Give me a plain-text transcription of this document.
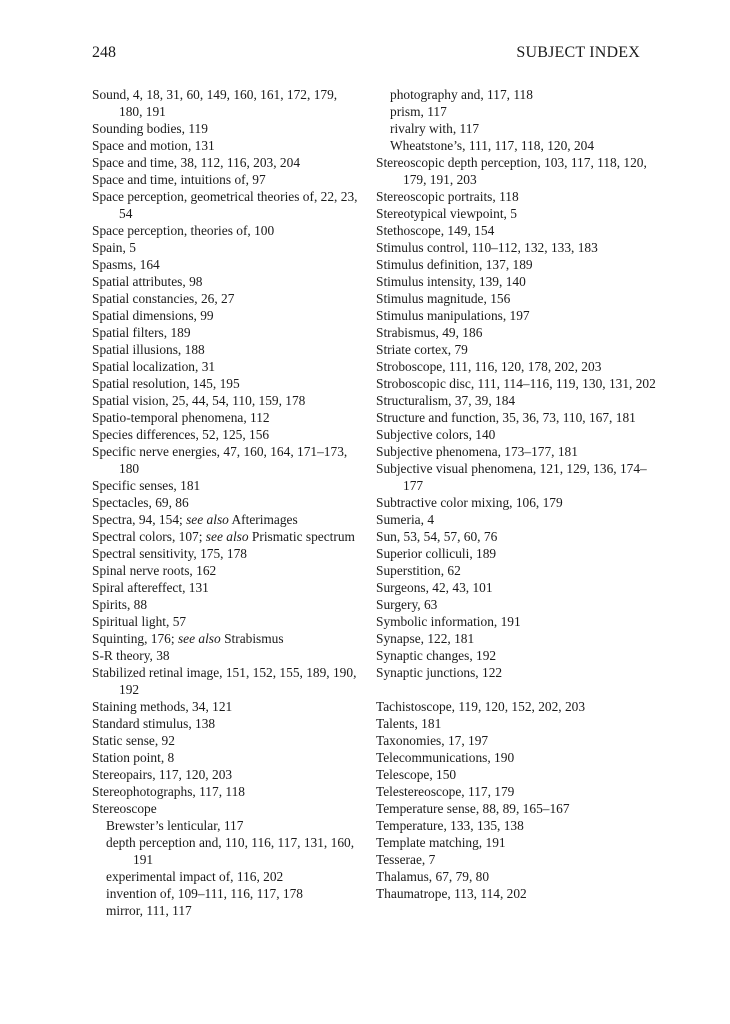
248	SUBJECT INDEX

Sound, 4, 18, 31, 60, 149, 160, 161, 172, 179, 180, 191

Sounding bodies, 119

Space and motion, 131

Space and time, 38, 112, 116, 203, 204

Space and time, intuitions of, 97

Space perception, geometrical theories of, 22, 23, 54

Space perception, theories of, 100

Spain, 5

Spasms, 164

Spatial attributes, 98

Spatial constancies, 26, 27

Spatial dimensions, 99

Spatial filters, 189

Spatial illusions, 188

Spatial localization, 31

Spatial resolution, 145, 195

Spatial vision, 25, 44, 54, 110, 159, 178

Spatio-temporal phenomena, 112

Species differences, 52, 125, 156

Specific nerve energies, 47, 160, 164, 171–173, 180

Specific senses, 181

Spectacles, 69, 86

Spectra, 94, 154; see also Afterimages

Spectral colors, 107; see also Prismatic spectrum

Spectral sensitivity, 175, 178

Spinal nerve roots, 162

Spiral aftereffect, 131

Spirits, 88

Spiritual light, 57

Squinting, 176; see also Strabismus

S-R theory, 38

Stabilized retinal image, 151, 152, 155, 189, 190, 192

Staining methods, 34, 121

Standard stimulus, 138

Static sense, 92

Station point, 8

Stereopairs, 117, 120, 203

Stereophotographs, 117, 118

Stereoscope

Brewster’s lenticular, 117

depth perception and, 110, 116, 117, 131, 160, 191

experimental impact of, 116, 202

invention of, 109–111, 116, 117, 178

mirror, 111, 117

photography and, 117, 118

prism, 117

rivalry with, 117

Wheatstone’s, 111, 117, 118, 120, 204

Stereoscopic depth perception, 103, 117, 118, 120, 179, 191, 203

Stereoscopic portraits, 118

Stereotypical viewpoint, 5

Stethoscope, 149, 154

Stimulus control, 110–112, 132, 133, 183

Stimulus definition, 137, 189

Stimulus intensity, 139, 140

Stimulus magnitude, 156

Stimulus manipulations, 197

Strabismus, 49, 186

Striate cortex, 79

Stroboscope, 111, 116, 120, 178, 202, 203

Stroboscopic disc, 111, 114–116, 119, 130, 131, 202

Structuralism, 37, 39, 184

Structure and function, 35, 36, 73, 110, 167, 181

Subjective colors, 140

Subjective phenomena, 173–177, 181

Subjective visual phenomena, 121, 129, 136, 174–177

Subtractive color mixing, 106, 179

Sumeria, 4

Sun, 53, 54, 57, 60, 76

Superior colliculi, 189

Superstition, 62

Surgeons, 42, 43, 101

Surgery, 63

Symbolic information, 191

Synapse, 122, 181

Synaptic changes, 192

Synaptic junctions, 122

Tachistoscope, 119, 120, 152, 202, 203

Talents, 181

Taxonomies, 17, 197

Telecommunications, 190

Telescope, 150

Telestereoscope, 117, 179

Temperature sense, 88, 89, 165–167

Temperature, 133, 135, 138

Template matching, 191

Tesserae, 7

Thalamus, 67, 79, 80

Thaumatrope, 113, 114, 202
